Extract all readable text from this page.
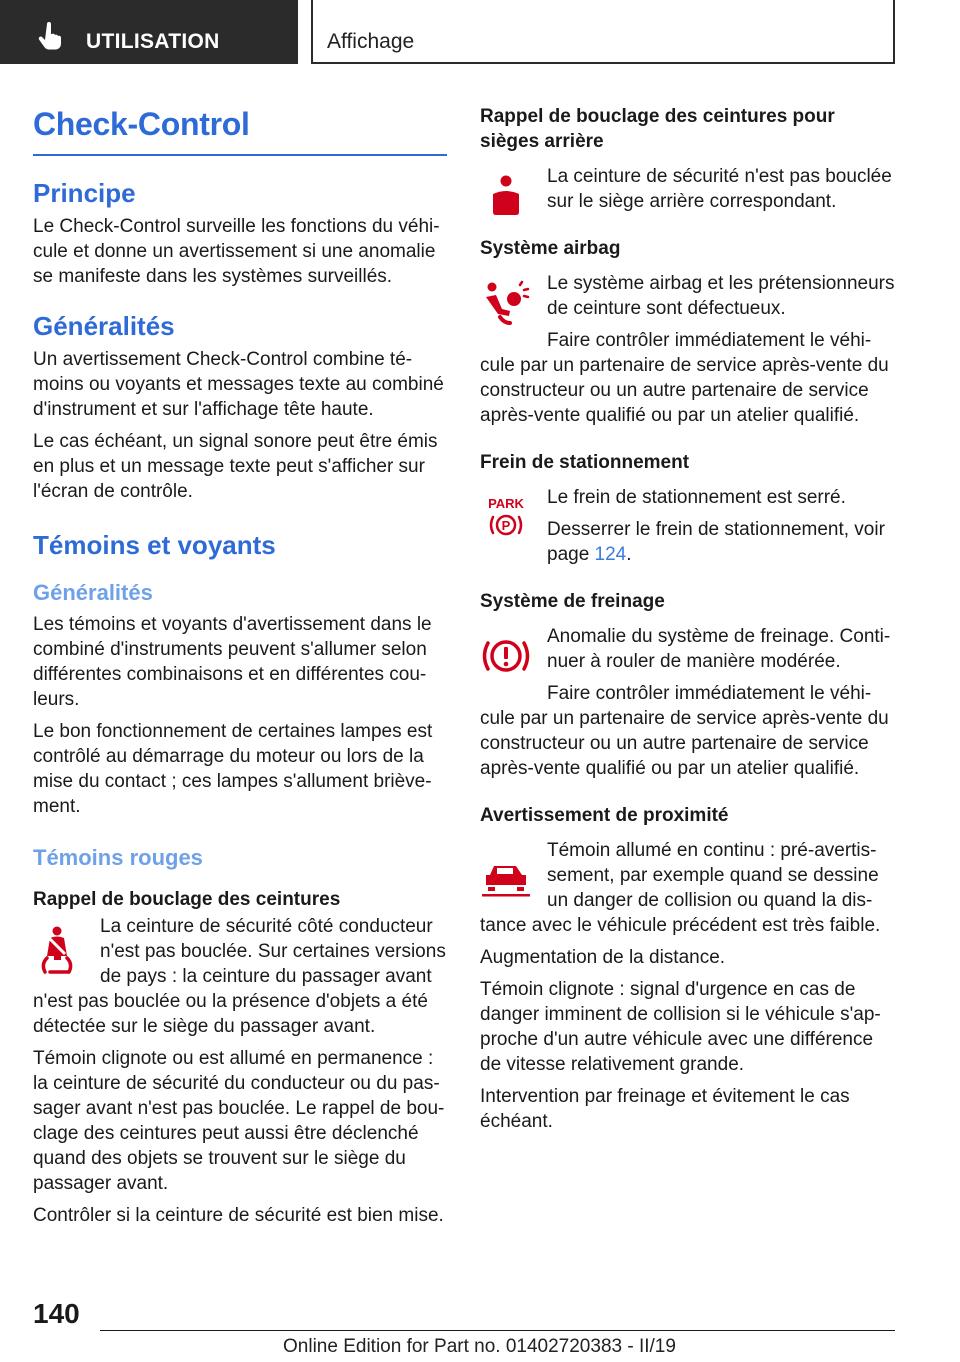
UTILISATION	Affichage
Check-Control
Principe

Le Check-Control surveille les fonctions du véhi-cule et donne un avertissement si une anomalie se manifeste dans les systèmes surveillés.

Généralités

Un avertissement Check-Control combine té-moins ou voyants et messages texte au combiné d'instrument et sur l'affichage tête haute.

Le cas échéant, un signal sonore peut être émis en plus et un message texte peut s'afficher sur l'écran de contrôle.

Témoins et voyants
Généralités

Les témoins et voyants d'avertissement dans le combiné d'instruments peuvent s'allumer selon différentes combinaisons et en différentes cou-leurs.

Le bon fonctionnement de certaines lampes est contrôlé au démarrage du moteur ou lors de la mise du contact ; ces lampes s'allument briève-ment.

Témoins rouges
Rappel de bouclage des ceintures

La ceinture de sécurité côté conducteur n'est pas bouclée. Sur certaines versions de pays : la ceinture du passager avant n'est pas bouclée ou la présence d'objets a été détectée sur le siège du passager avant.

Témoin clignote ou est allumé en permanence : la ceinture de sécurité du conducteur ou du pas-sager avant n'est pas bouclée. Le rappel de bou-clage des ceintures peut aussi être déclenché quand des objets se trouvent sur le siège du passager avant.

Contrôler si la ceinture de sécurité est bien mise.

Rappel de bouclage des ceintures pour sièges arrière

La ceinture de sécurité n'est pas bouclée sur le siège arrière correspondant.

Système airbag

Le système airbag et les prétensionneurs de ceinture sont défectueux.

Faire contrôler immédiatement le véhi-cule par un partenaire de service après-vente du constructeur ou un autre partenaire de service après-vente qualifié ou par un atelier qualifié.

Frein de stationnement
PARK
P

Le frein de stationnement est serré.

Desserrer le frein de stationnement, voir page 124.

Système de freinage

Anomalie du système de freinage. Conti-nuer à rouler de manière modérée.

Faire contrôler immédiatement le véhi-cule par un partenaire de service après-vente du constructeur ou un autre partenaire de service après-vente qualifié ou par un atelier qualifié.

Avertissement de proximité

Témoin allumé en continu : pré-avertis-sement, par exemple quand se dessine un danger de collision ou quand la dis-tance avec le véhicule précédent est très faible.

Augmentation de la distance.

Témoin clignote : signal d'urgence en cas de danger imminent de collision si le véhicule s'ap-proche d'un autre véhicule avec une différence de vitesse relativement grande.

Intervention par freinage et évitement le cas échéant.

140
Online Edition for Part no. 01402720383 - II/19
